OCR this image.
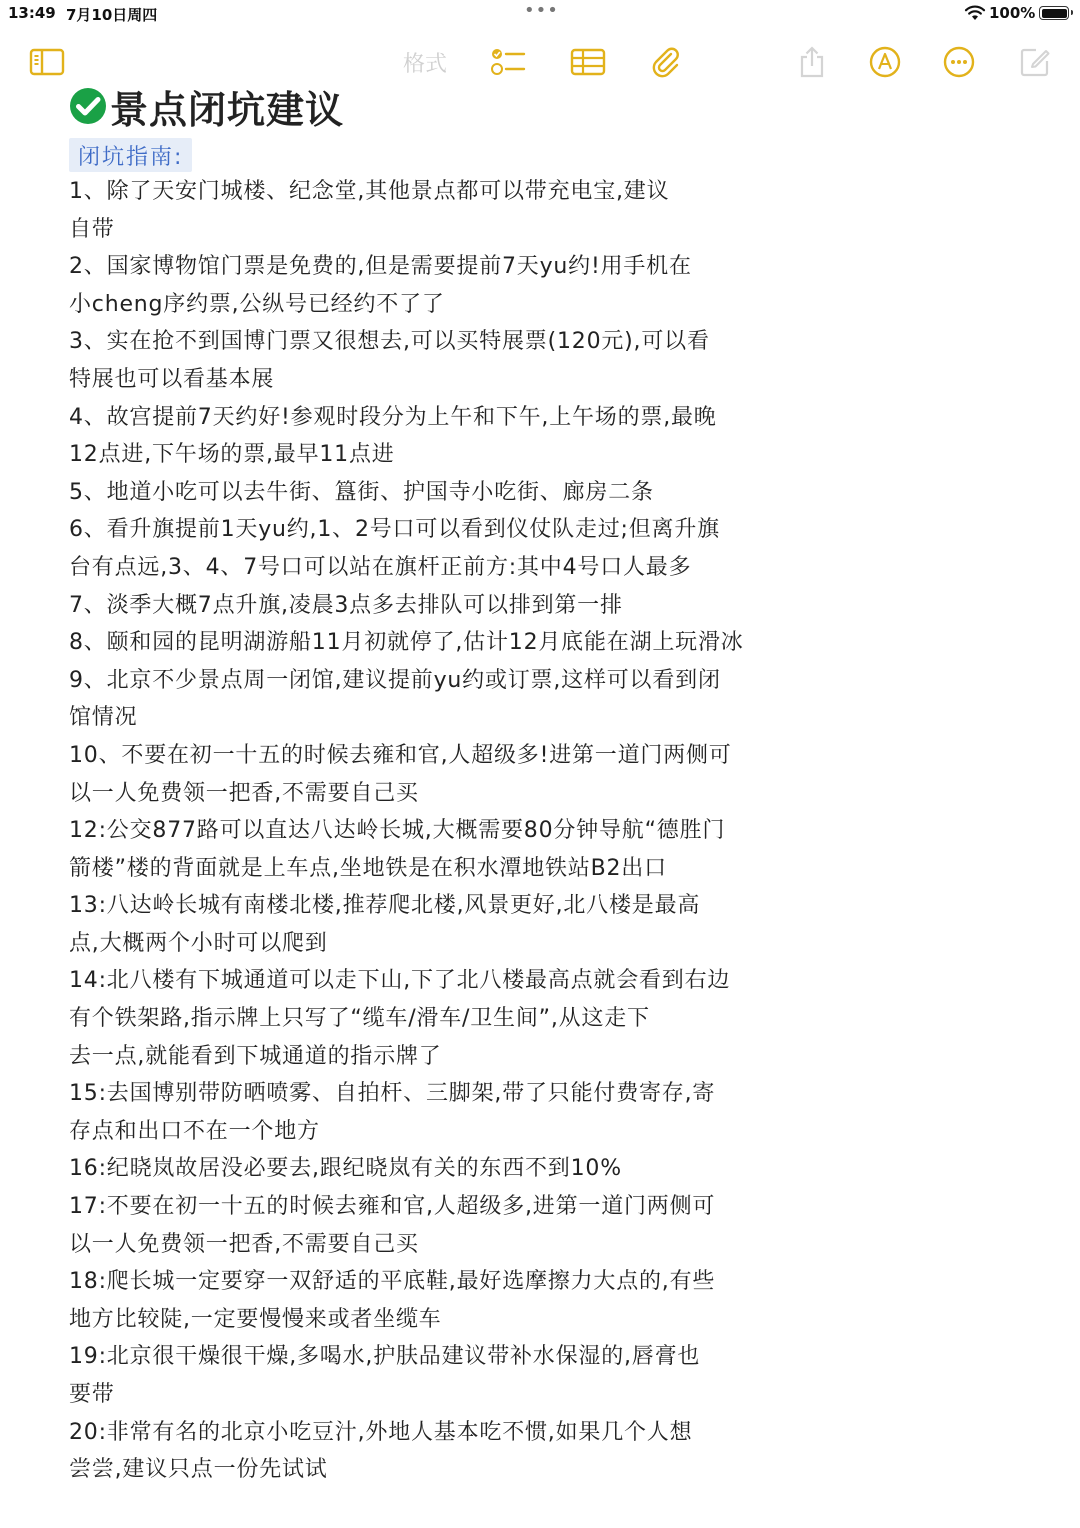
13:49 7月10日周四	•••	100%
格式
景点闭坑建议
闭坑指南:
1、除了天安门城楼、纪念堂,其他景点都可以带充电宝,建议
自带
2、国家博物馆门票是免费的,但是需要提前7天yu约!用手机在
小cheng序约票,公纵号已经约不了了
3、实在抢不到国博门票又很想去,可以买特展票(120元),可以看
特展也可以看基本展
4、故宫提前7天约好!参观时段分为上午和下午,上午场的票,最晚
12点进,下午场的票,最早11点进
5、地道小吃可以去牛街、簋街、护国寺小吃街、廊房二条
6、看升旗提前1天yu约,1、2号口可以看到仪仗队走过;但离升旗
台有点远,3、4、7号口可以站在旗杆正前方:其中4号口人最多
7、淡季大概7点升旗,凌晨3点多去排队可以排到第一排
8、颐和园的昆明湖游船11月初就停了,估计12月底能在湖上玩滑冰
9、北京不少景点周一闭馆,建议提前yu约或订票,这样可以看到闭
馆情况
10、不要在初一十五的时候去雍和官,人超级多!进第一道门两侧可
以一人免费领一把香,不需要自己买
12:公交877路可以直达八达岭长城,大概需要80分钟导航“德胜门
箭楼”楼的背面就是上车点,坐地铁是在积水潭地铁站B2出口
13:八达岭长城有南楼北楼,推荐爬北楼,风景更好,北八楼是最高
点,大概两个小时可以爬到
14:北八楼有下城通道可以走下山,下了北八楼最高点就会看到右边
有个铁架路,指示牌上只写了“缆车/滑车/卫生间”,从这走下
去一点,就能看到下城通道的指示牌了
15:去国博别带防晒喷雾、自拍杆、三脚架,带了只能付费寄存,寄
存点和出口不在一个地方
16:纪晓岚故居没必要去,跟纪晓岚有关的东西不到10%
17:不要在初一十五的时候去雍和官,人超级多,进第一道门两侧可
以一人免费领一把香,不需要自己买
18:爬长城一定要穿一双舒适的平底鞋,最好选摩擦力大点的,有些
地方比较陡,一定要慢慢来或者坐缆车
19:北京很干燥很干燥,多喝水,护肤品建议带补水保湿的,唇膏也
要带
20:非常有名的北京小吃豆汁,外地人基本吃不惯,如果几个人想
尝尝,建议只点一份先试试
